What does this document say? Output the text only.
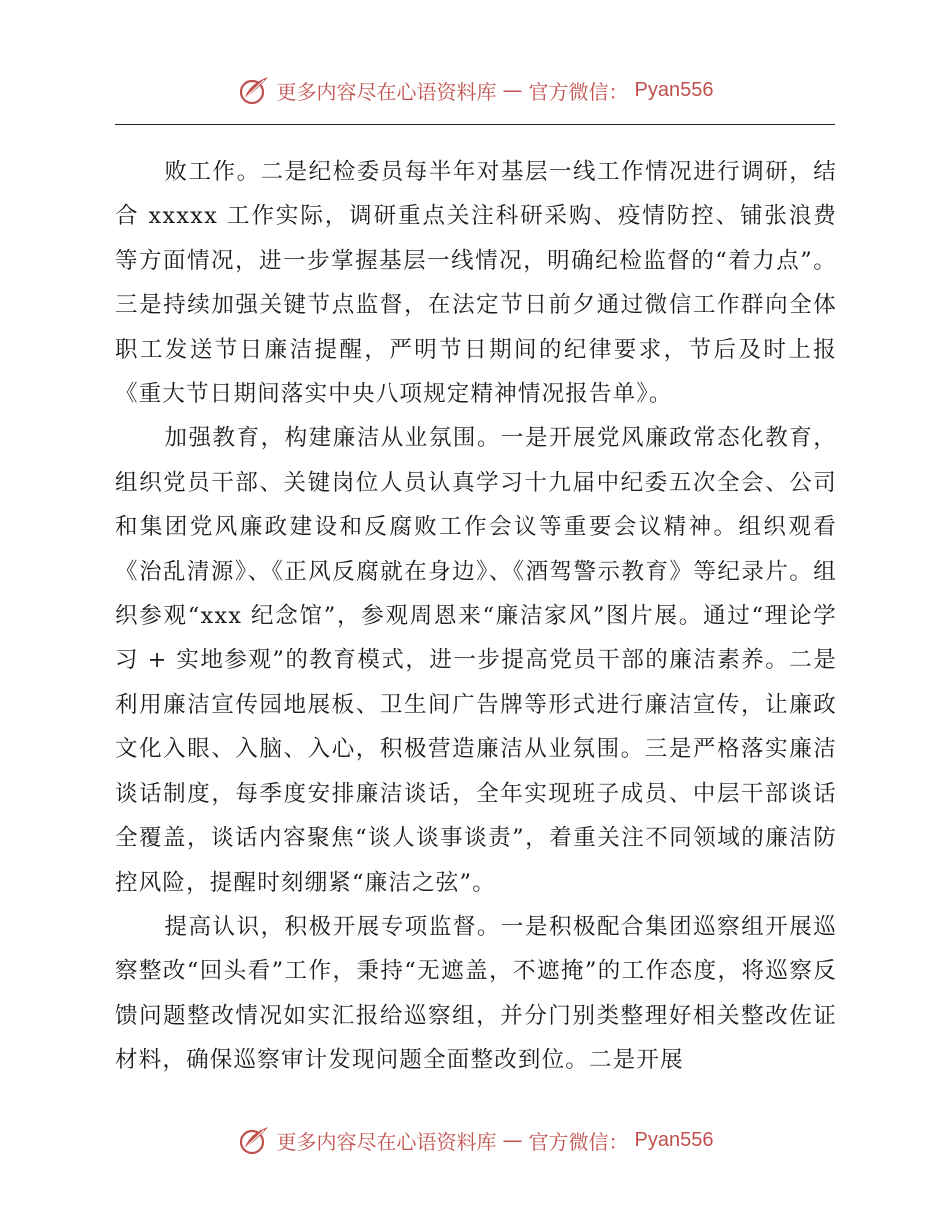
更多内容尽在心语资料库 — 官方微信： Pyan556

败工作。二是纪检委员每半年对基层一线工作情况进行调研，结合 xxxxx 工作实际，调研重点关注科研采购、疫情防控、铺张浪费等方面情况，进一步掌握基层一线情况，明确纪检监督的“着力点”。三是持续加强关键节点监督，在法定节日前夕通过微信工作群向全体职工发送节日廉洁提醒，严明节日期间的纪律要求，节后及时上报《重大节日期间落实中央八项规定精神情况报告单》。

加强教育，构建廉洁从业氛围。一是开展党风廉政常态化教育，组织党员干部、关键岗位人员认真学习十九届中纪委五次全会、公司和集团党风廉政建设和反腐败工作会议等重要会议精神。组织观看《治乱清源》、《正风反腐就在身边》、《酒驾警示教育》等纪录片。组织参观“xxx 纪念馆”，参观周恩来“廉洁家风”图片展。通过“理论学习 + 实地参观”的教育模式，进一步提高党员干部的廉洁素养。二是利用廉洁宣传园地展板、卫生间广告牌等形式进行廉洁宣传，让廉政文化入眼、入脑、入心，积极营造廉洁从业氛围。三是严格落实廉洁谈话制度，每季度安排廉洁谈话，全年实现班子成员、中层干部谈话全覆盖，谈话内容聚焦“谈人谈事谈责”，着重关注不同领域的廉洁防控风险，提醒时刻绷紧“廉洁之弦”。

提高认识，积极开展专项监督。一是积极配合集团巡察组开展巡察整改“回头看”工作，秉持“无遮盖，不遮掩”的工作态度，将巡察反馈问题整改情况如实汇报给巡察组，并分门别类整理好相关整改佐证材料，确保巡察审计发现问题全面整改到位。二是开展

更多内容尽在心语资料库 — 官方微信： Pyan556
